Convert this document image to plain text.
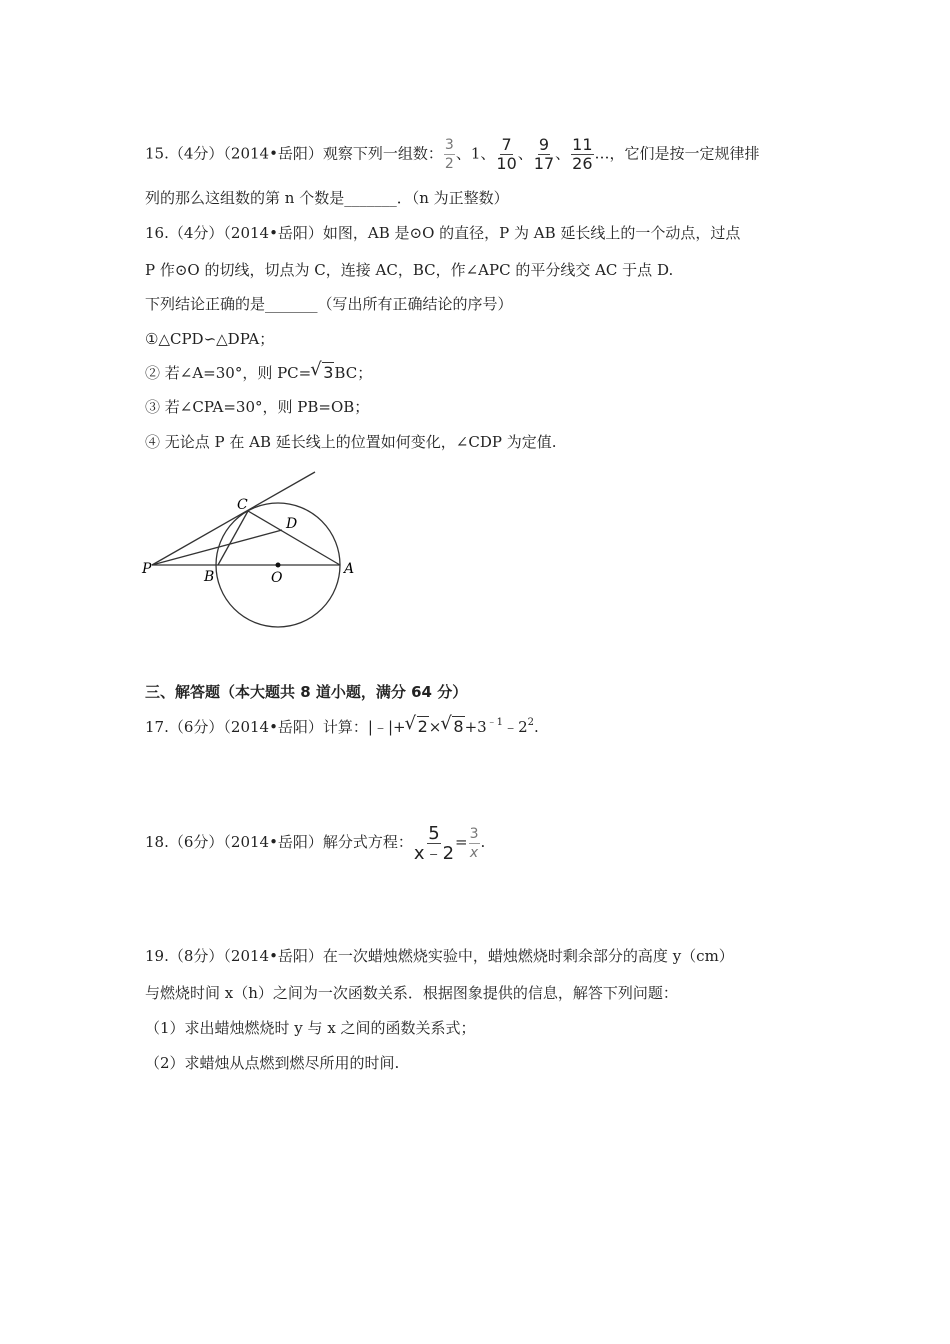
15.（4分）（2014•岳阳）观察下列一组数： $\frac{3}{2}$ 、1、 $\frac{7}{10}$ 、 $\frac{9}{17}$ 、 $\frac{11}{26}$ …，它们是按一定规律排
列的那么这组数的第 n 个数是_______．（n 为正整数）
16.（4分）（2014•岳阳）如图，AB 是⊙O 的直径，P 为 AB 延长线上的一个动点，过点
P 作⊙O 的切线，切点为 C，连接 AC，BC，作∠APC 的平分线交 AC 于点 D.
下列结论正确的是_______（写出所有正确结论的序号）
①△CPD∽△DPA；
② 若∠A=30°，则 PC= √ 3BC；
③ 若∠CPA=30°，则 PB=OB；
④ 无论点 P 在 AB 延长线上的位置如何变化，∠CDP 为定值.
P	B	O
A
C
D
三、解答题（本大题共 8 道小题，满分 64 分）
17.（6分）（2014•岳阳）计算：|﹣|+ √ 2× √ $8+3^{﹣1}﹣2^2$.
18.（6分）（2014•岳阳）解分式方程： $\frac{5}{x﹣2} = \frac{3}{x}$ .
19.（8分）（2014•岳阳）在一次蜡烛燃烧实验中，蜡烛燃烧时剩余部分的高度 y（cm）
与燃烧时间 x（h）之间为一次函数关系．根据图象提供的信息，解答下列问题：
（1）求出蜡烛燃烧时 y 与 x 之间的函数关系式；
（2）求蜡烛从点燃到燃尽所用的时间.
